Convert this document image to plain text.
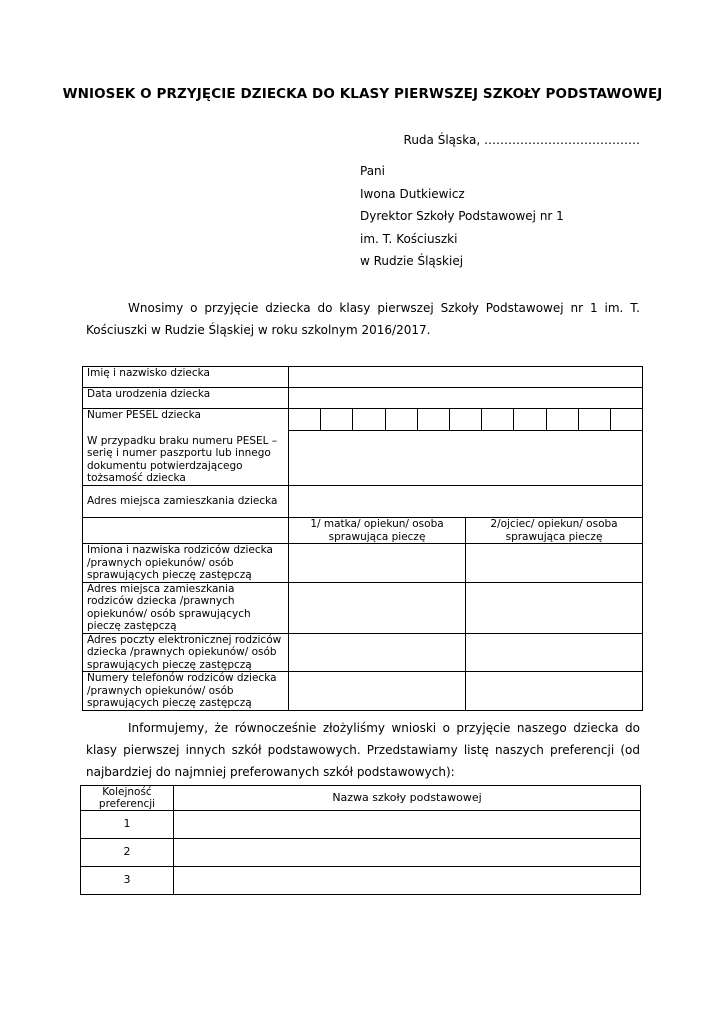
WNIOSEK O PRZYJĘCIE DZIECKA DO KLASY PIERWSZEJ SZKOŁY PODSTAWOWEJ
Ruda Śląska, …………………………………
Pani
Iwona Dutkiewicz
Dyrektor Szkoły Podstawowej nr 1
im. T. Kościuszki
w Rudzie Śląskiej

Wnosimy o przyjęcie dziecka do klasy pierwszej Szkoły Podstawowej nr 1 im. T. Kościuszki w Rudzie Śląskiej w roku szkolnym 2016/2017.

Imię i nazwisko dziecka		
Data urodzenia dziecka		
Numer PESEL dziecka		

W przypadku braku numeru PESEL – serię i numer paszportu lub innego dokumentu potwierdzającego tożsamość dziecka		
Adres miejsca zamieszkania dziecka		
	1/ matka/ opiekun/ osoba sprawująca pieczę	2/ojciec/ opiekun/ osoba sprawująca pieczę
Imiona i nazwiska rodziców dziecka /prawnych opiekunów/ osób sprawujących pieczę zastępczą		
Adres miejsca zamieszkania rodziców dziecka /prawnych opiekunów/ osób sprawujących pieczę zastępczą		
Adres poczty elektronicznej rodziców dziecka /prawnych opiekunów/ osób sprawujących pieczę zastępczą		
Numery telefonów rodziców dziecka /prawnych opiekunów/ osób sprawujących pieczę zastępczą		

Informujemy, że równocześnie złożyliśmy wnioski o przyjęcie naszego dziecka do klasy pierwszej innych szkół podstawowych. Przedstawiamy listę naszych preferencji (od najbardziej do najmniej preferowanych szkół podstawowych):

Kolejność preferencji	Nazwa szkoły podstawowej
1	
2	
3	
